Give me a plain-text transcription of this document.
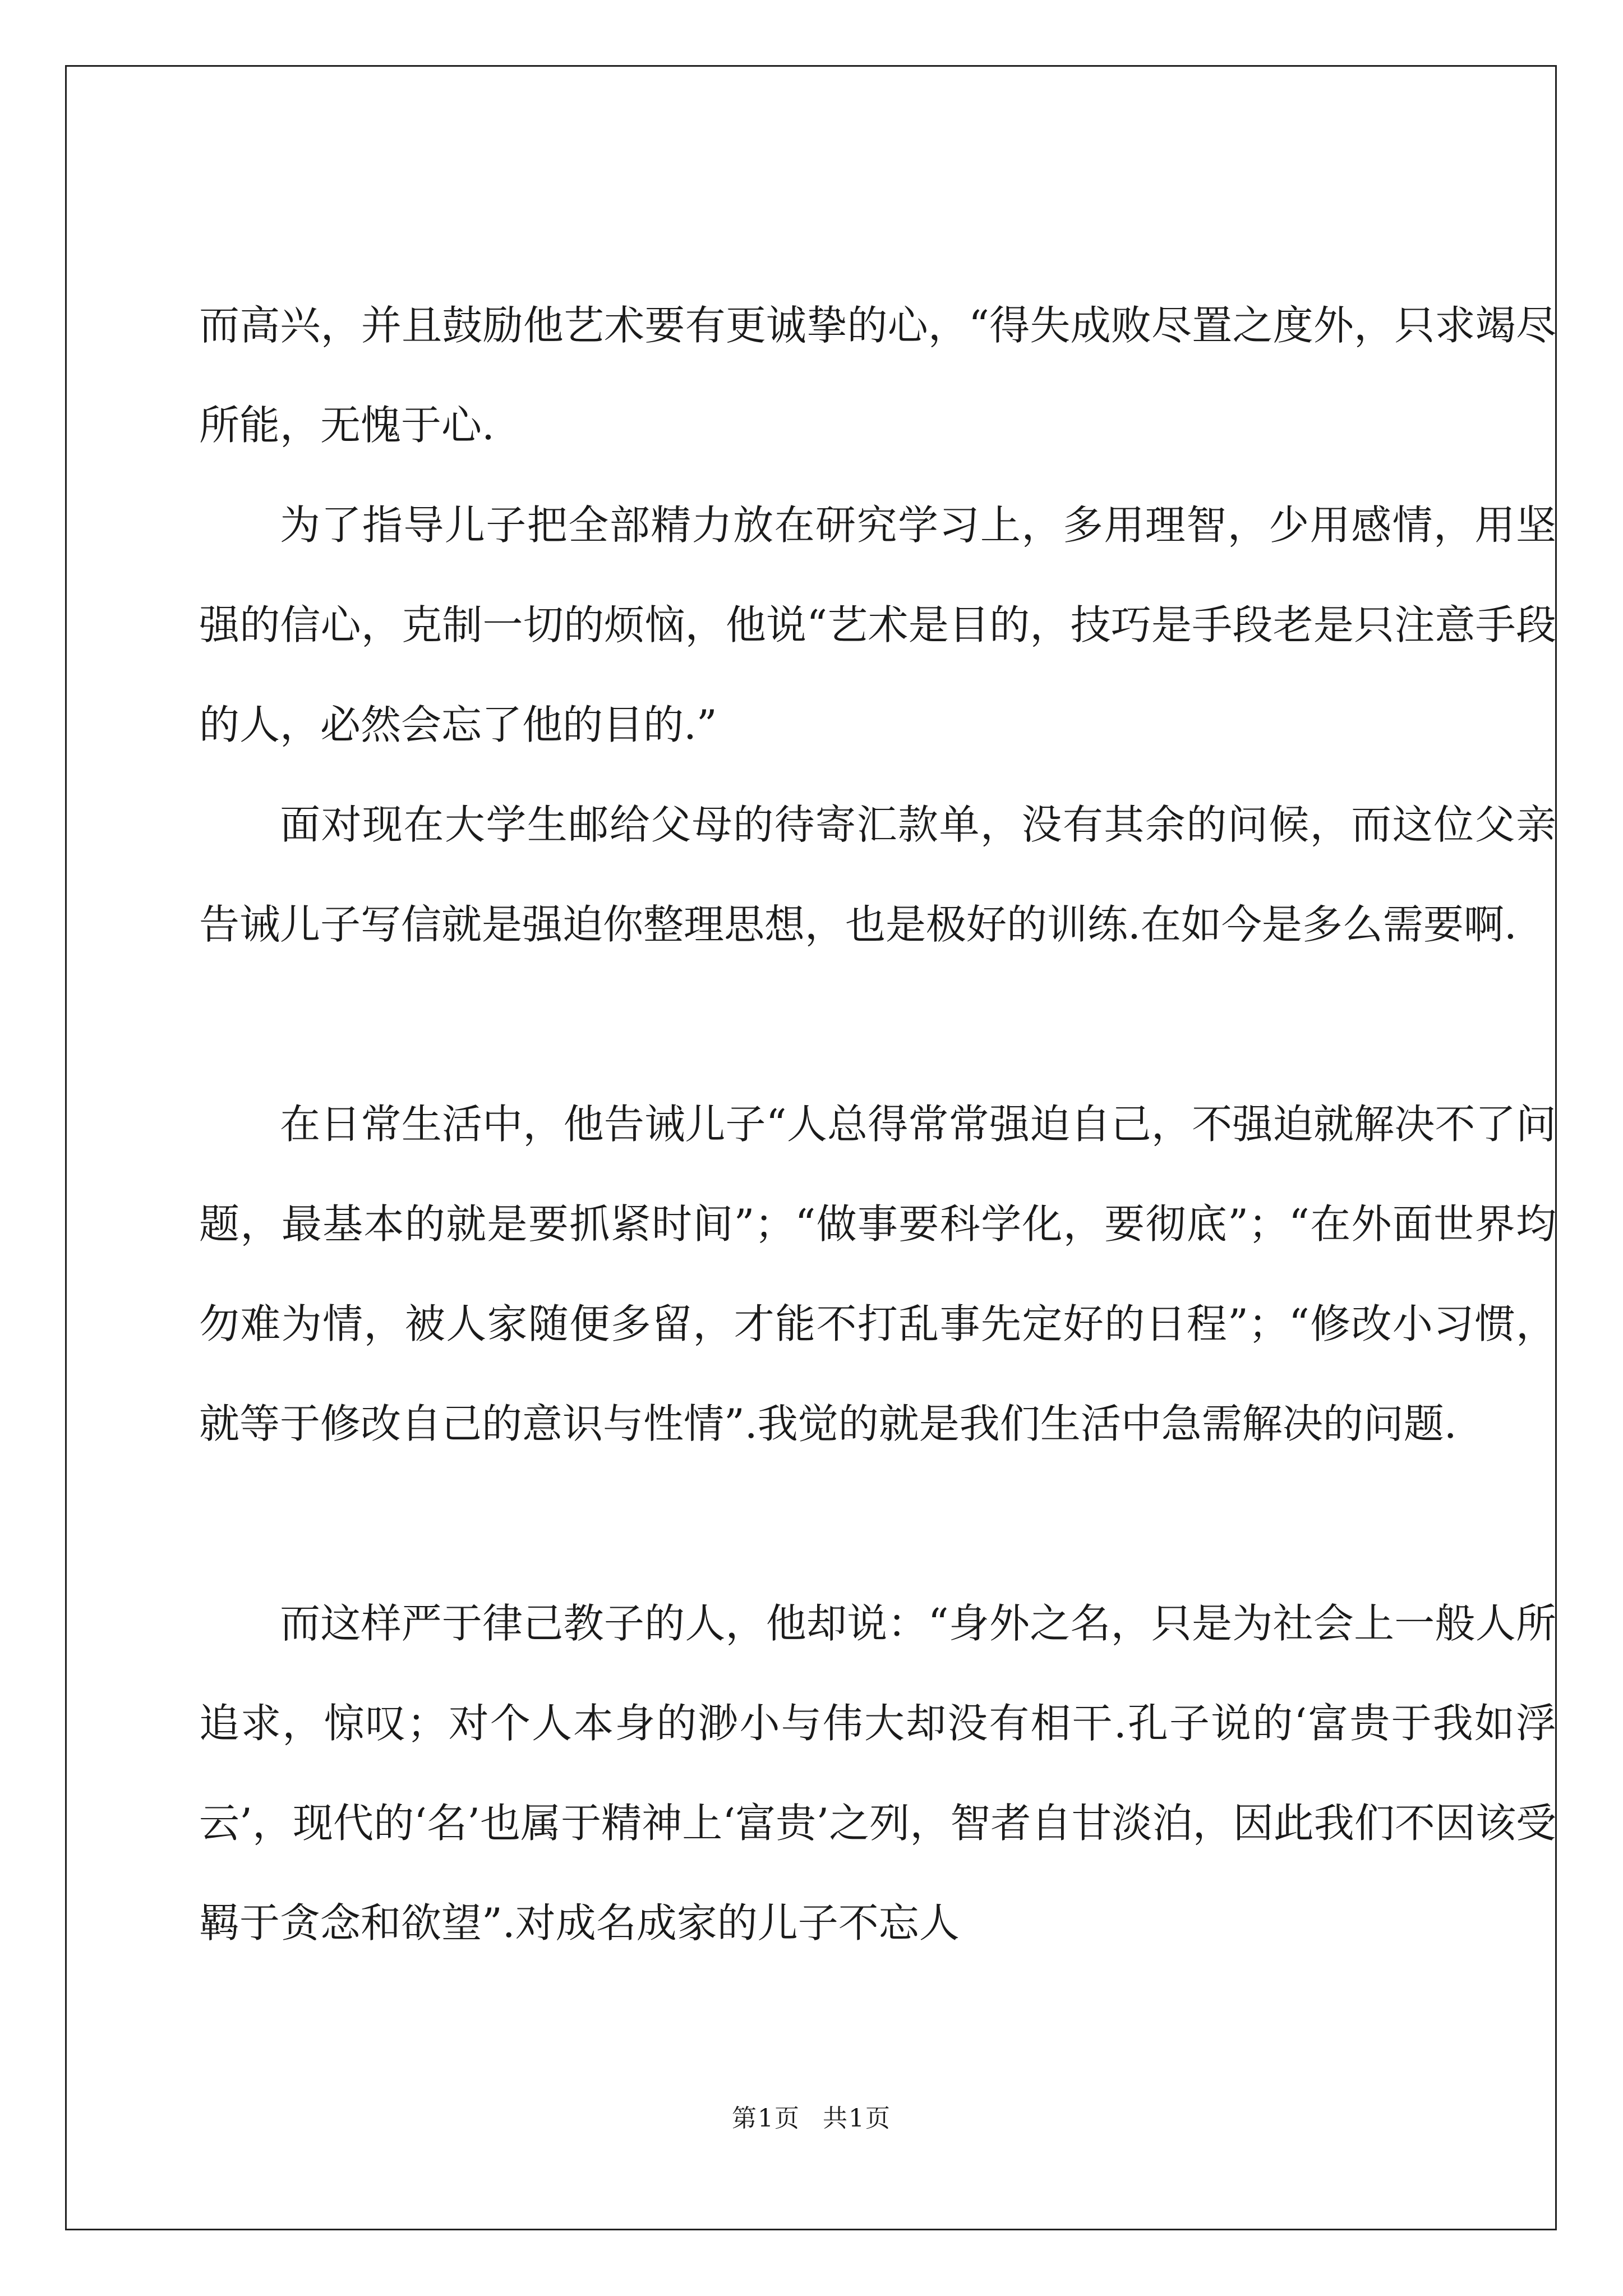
而高兴，并且鼓励他艺术要有更诚挚的心，“得失成败尽置之度外，只求竭尽所能，无愧于心.

为了指导儿子把全部精力放在研究学习上，多用理智，少用感情，用坚强的信心，克制一切的烦恼，他说“艺术是目的，技巧是手段老是只注意手段的人，必然会忘了他的目的.”

面对现在大学生邮给父母的待寄汇款单，没有其余的问候，而这位父亲告诫儿子写信就是强迫你整理思想，也是极好的训练.在如今是多么需要啊.

在日常生活中，他告诫儿子“人总得常常强迫自己，不强迫就解决不了问题，最基本的就是要抓紧时间”；“做事要科学化，要彻底”；“在外面世界均勿难为情，被人家随便多留，才能不打乱事先定好的日程”；“修改小习惯，就等于修改自己的意识与性情”.我觉的就是我们生活中急需解决的问题.

而这样严于律己教子的人，他却说：“身外之名，只是为社会上一般人所追求，惊叹；对个人本身的渺小与伟大却没有相干.孔子说的‘富贵于我如浮云’，现代的‘名’也属于精神上‘富贵’之列，智者自甘淡泊，因此我们不因该受羁于贪念和欲望”.对成名成家的儿子不忘人

第1页 共1页
